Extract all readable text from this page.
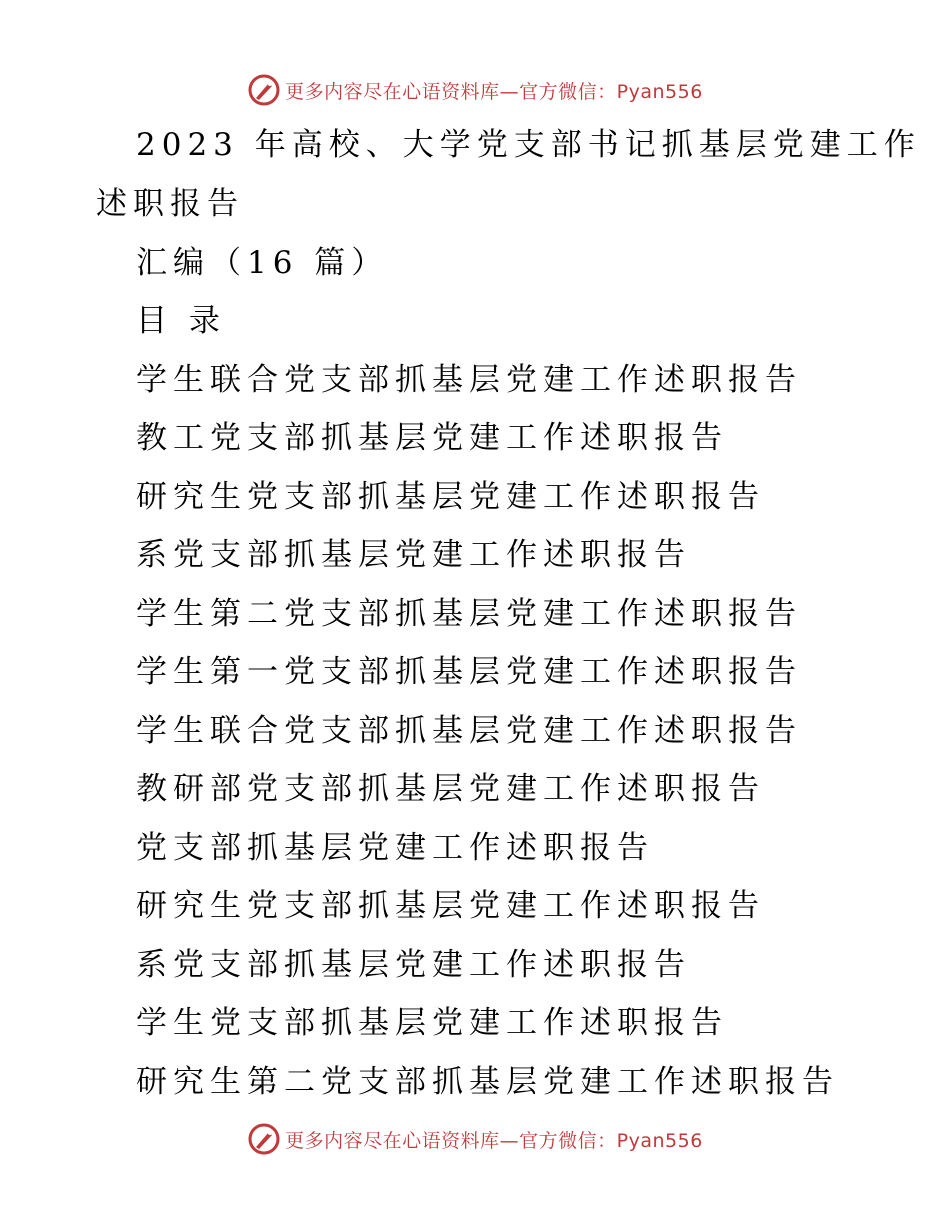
更多内容尽在心语资料库—官方微信：Pyan556
2023 年高校、大学党支部书记抓基层党建工作
述职报告
汇编（16 篇）
目 录
学生联合党支部抓基层党建工作述职报告
教工党支部抓基层党建工作述职报告
研究生党支部抓基层党建工作述职报告
系党支部抓基层党建工作述职报告
学生第二党支部抓基层党建工作述职报告
学生第一党支部抓基层党建工作述职报告
学生联合党支部抓基层党建工作述职报告
教研部党支部抓基层党建工作述职报告
党支部抓基层党建工作述职报告
研究生党支部抓基层党建工作述职报告
系党支部抓基层党建工作述职报告
学生党支部抓基层党建工作述职报告
研究生第二党支部抓基层党建工作述职报告
更多内容尽在心语资料库—官方微信：Pyan556
